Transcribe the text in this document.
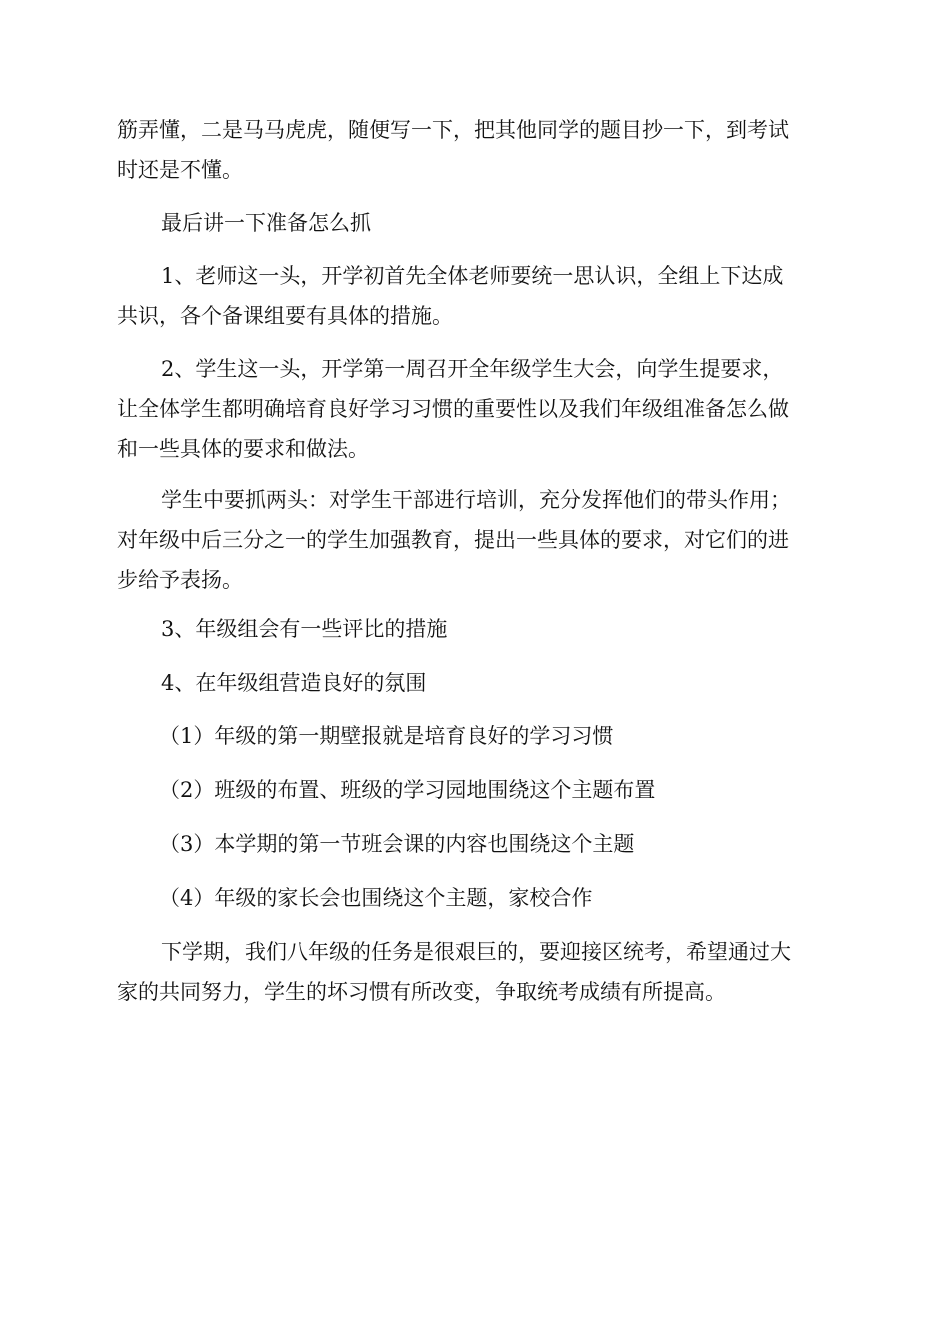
筋弄懂，二是马马虎虎，随便写一下，把其他同学的题目抄一下，到考试
时还是不懂。
最后讲一下准备怎么抓
1、老师这一头，开学初首先全体老师要统一思认识，全组上下达成
共识，各个备课组要有具体的措施。
2、学生这一头，开学第一周召开全年级学生大会，向学生提要求，
让全体学生都明确培育良好学习习惯的重要性以及我们年级组准备怎么做
和一些具体的要求和做法。
学生中要抓两头：对学生干部进行培训，充分发挥他们的带头作用；
对年级中后三分之一的学生加强教育，提出一些具体的要求，对它们的进
步给予表扬。
3、年级组会有一些评比的措施
4、在年级组营造良好的氛围
（1）年级的第一期壁报就是培育良好的学习习惯
（2）班级的布置、班级的学习园地围绕这个主题布置
（3）本学期的第一节班会课的内容也围绕这个主题
（4）年级的家长会也围绕这个主题，家校合作
下学期，我们八年级的任务是很艰巨的，要迎接区统考，希望通过大
家的共同努力，学生的坏习惯有所改变，争取统考成绩有所提高。
